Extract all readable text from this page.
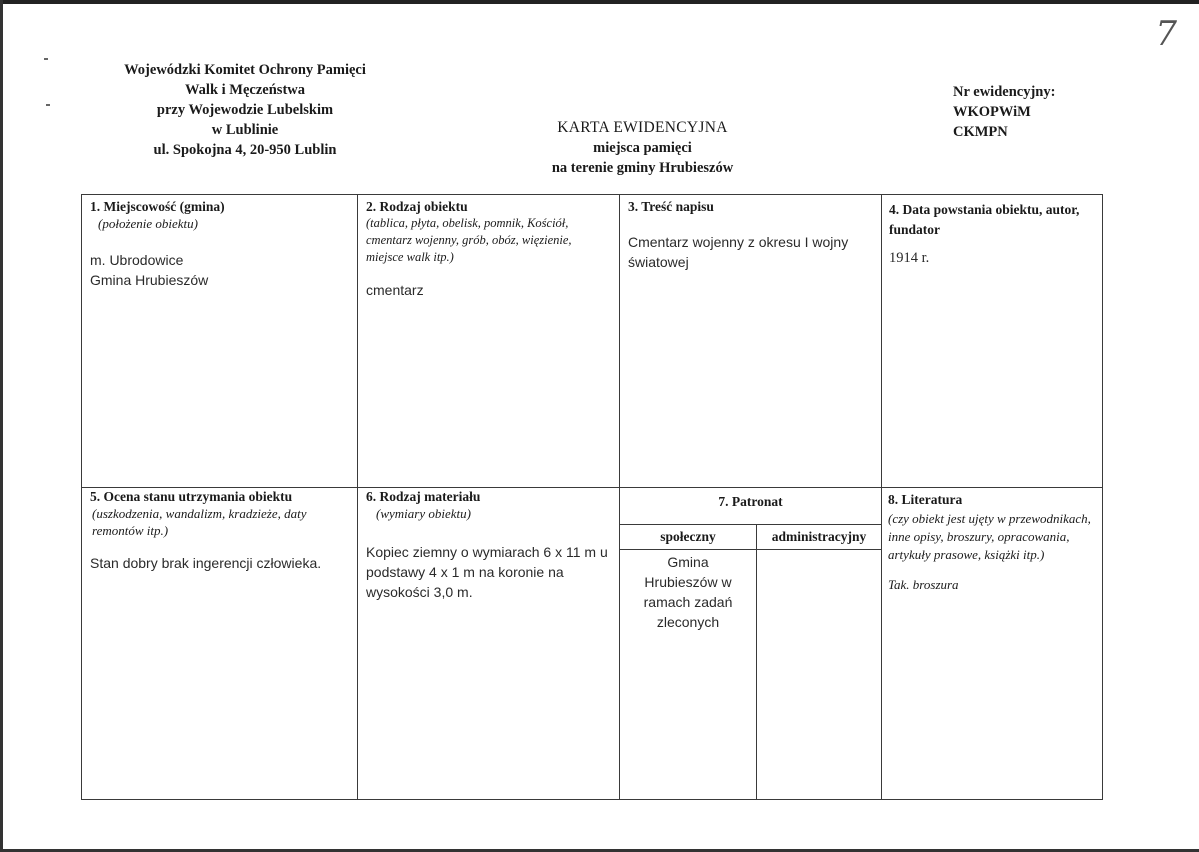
7
Wojewódzki Komitet Ochrony Pamięci
Walk i Męczeństwa
przy Wojewodzie Lubelskim
w Lublinie
ul. Spokojna 4, 20-950 Lublin
KARTA EWIDENCYJNA
miejsca pamięci
na terenie gminy Hrubieszów
Nr ewidencyjny:
WKOPWiM
CKMPN
1. Miejscowość (gmina)
(położenie obiektu)
m. Ubrodowice
Gmina Hrubieszów
2. Rodzaj obiektu
(tablica, płyta, obelisk, pomnik, Kościół, cmentarz wojenny, grób, obóz, więzienie, miejsce walk itp.)
cmentarz
3. Treść napisu
Cmentarz wojenny z okresu I wojny światowej
4. Data powstania obiektu, autor, fundator
1914 r.
5. Ocena stanu utrzymania obiektu
(uszkodzenia, wandalizm, kradzieże, daty remontów itp.)
Stan dobry brak ingerencji człowieka.
6. Rodzaj materiału
(wymiary obiektu)
Kopiec ziemny o wymiarach 6 x 11 m u podstawy 4 x 1 m na koronie na wysokości 3,0 m.
7. Patronat
społeczny	administracyjny
Gmina Hrubieszów w ramach zadań zleconych
8. Literatura
(czy obiekt jest ujęty w przewodnikach, inne opisy, broszury, opracowania, artykuły prasowe, książki itp.)
Tak. broszura
